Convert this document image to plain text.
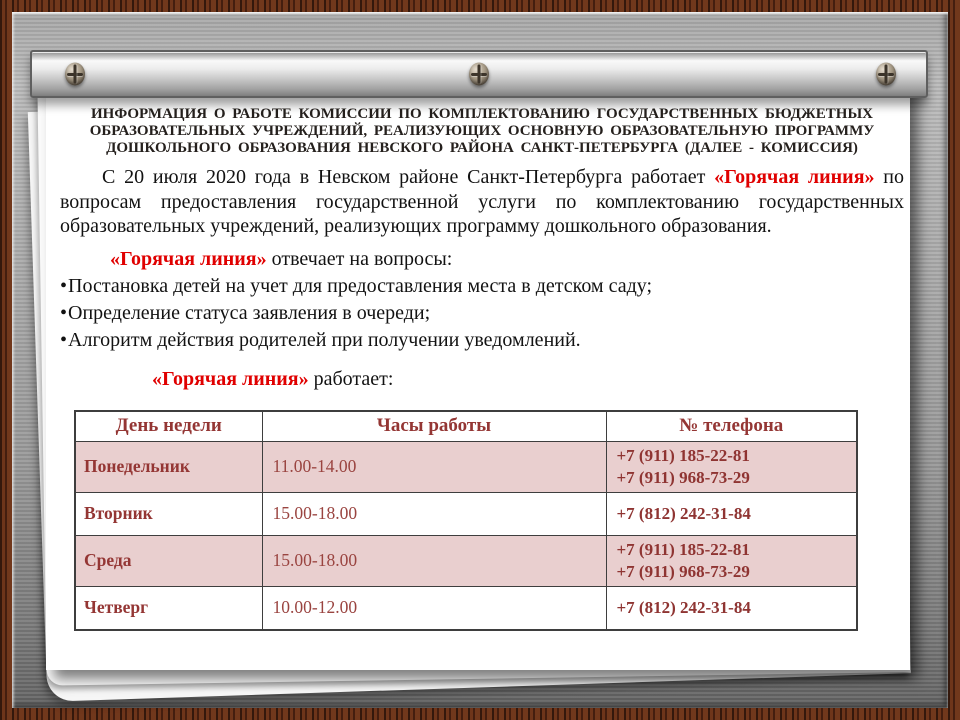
ИНФОРМАЦИЯ О РАБОТЕ КОМИССИИ ПО КОМПЛЕКТОВАНИЮ ГОСУДАРСТВЕННЫХ БЮДЖЕТНЫХ ОБРАЗОВАТЕЛЬНЫХ УЧРЕЖДЕНИЙ, РЕАЛИЗУЮЩИХ ОСНОВНУЮ ОБРАЗОВАТЕЛЬНУЮ ПРОГРАММУ ДОШКОЛЬНОГО ОБРАЗОВАНИЯ НЕВСКОГО РАЙОНА САНКТ-ПЕТЕРБУРГА (ДАЛЕЕ - КОМИССИЯ)

С 20 июля 2020 года в Невском районе Санкт-Петербурга работает «Горячая линия» по вопросам предоставления государственной услуги по комплектованию государственных образовательных учреждений, реализующих программу дошкольного образования.

«Горячая линия» отвечает на вопросы:

•Постановка детей на учет для предоставления места в детском саду;
•Определение статуса заявления в очереди;
•Алгоритм действия родителей при получении уведомлений.

«Горячая линия» работает:

День недели	Часы работы	№ телефона
Понедельник	11.00-14.00	+7 (911) 185-22-81
+7 (911) 968-73-29

Вторник	15.00-18.00	+7 (812) 242-31-84

Среда	15.00-18.00	+7 (911) 185-22-81
+7 (911) 968-73-29

Четверг	10.00-12.00	+7 (812) 242-31-84
